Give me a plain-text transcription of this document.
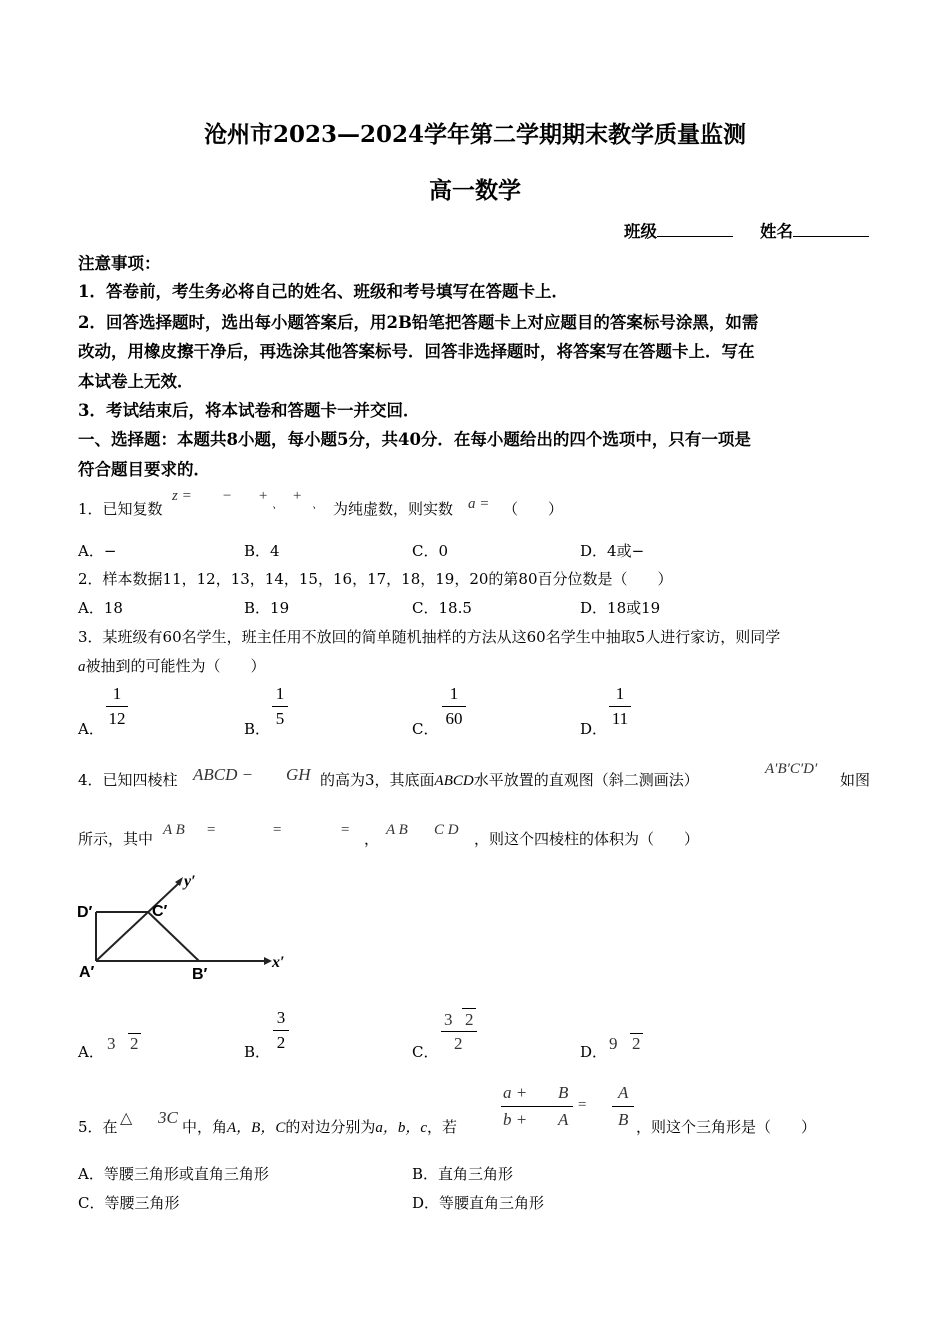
沧州市2023—2024学年第二学期期末教学质量监测
高一数学
班级	姓名
注意事项：
1．答卷前，考生务必将自己的姓名、班级和考号填写在答题卡上．
2．回答选择题时，选出每小题答案后，用2B铅笔把答题卡上对应题目的答案标号涂黑，如需
改动，用橡皮擦干净后，再选涂其他答案标号．回答非选择题时，将答案写在答题卡上．写在
本试卷上无效．
3．考试结束后，将本试卷和答题卡一并交回．
一、选择题：本题共8小题，每小题5分，共40分．在每小题给出的四个选项中，只有一项是
符合题目要求的．
1．已知复数
z = − +
、
+
、 为纯虚数，则实数 a = （　　）
A．−	B．4	C．0	D．4或−
2．样本数据11，12，13，14，15，16，17，18，19，20的第80百分位数是（　　）
A．18	B．19	C．18.5	D．18或19
3．某班级有60名学生，班主任用不放回的简单随机抽样的方法从这60名学生中抽取5人进行家访，则同学
a被抽到的可能性为（　　）
A．
1
12
B．
1
5
C．
1
60
D．
1
11
4．已知四棱柱 ABCD − GH 的高为3，其底面ABCD水平放置的直观图（斜二测画法）
A′B′C′D′
如图
所示，其中 A B =	=	= ， A B C D ，则这个四棱柱的体积为（　　）
y′
x′
D′	C′
A′	B′
A． 3 2	B．
3
2	C．
3 2
2	D． 9 2
5．在 △ 3C 中，角A，B，C的对边分别为a，b，c，若
a + B
b + A
=
A
B ，则这个三角形是（　　）
A．等腰三角形或直角三角形	B．直角三角形
C．等腰三角形	D．等腰直角三角形
